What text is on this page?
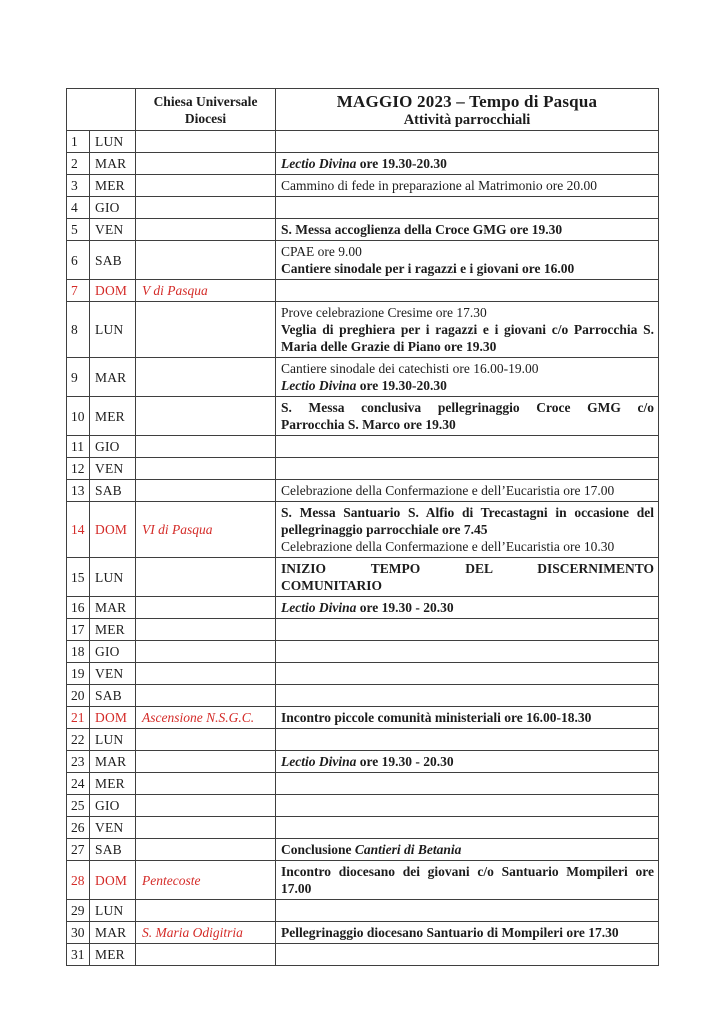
Chiesa Universale
Diocesi

MAGGIO 2023 – Tempo di Pasqua
Attività parrocchiali

1	LUN		
2	MAR		Lectio Divina ore 19.30-20.30

3	MER		Cammino di fede in preparazione al Matrimonio ore 20.00

4	GIO		
5	VEN		S. Messa accoglienza della Croce GMG ore 19.30

6	SAB		CPAE ore 9.00
Cantiere sinodale per i ragazzi e i giovani ore 16.00

7	DOM	V di Pasqua	
8	LUN		Prove celebrazione Cresime ore 17.30
Veglia di preghiera per i ragazzi e i giovani c/o Parrocchia S.
Maria delle Grazie di Piano ore 19.30

9	MAR		Cantiere sinodale dei catechisti ore 16.00-19.00
Lectio Divina ore 19.30-20.30

10	MER		S. Messa conclusiva pellegrinaggio Croce GMG c/o
Parrocchia S. Marco ore 19.30

11	GIO		
12	VEN		
13	SAB		Celebrazione della Confermazione e dell’Eucaristia ore 17.00

14	DOM	VI di Pasqua	S. Messa Santuario S. Alfio di Trecastagni in occasione del
pellegrinaggio parrocchiale ore 7.45
Celebrazione della Confermazione e dell’Eucaristia ore 10.30

15	LUN		INIZIO TEMPO DEL DISCERNIMENTO
COMUNITARIO

16	MAR		Lectio Divina ore 19.30 - 20.30

17	MER		
18	GIO		
19	VEN		
20	SAB		
21	DOM	Ascensione N.S.G.C.	Incontro piccole comunità ministeriali ore 16.00-18.30

22	LUN		
23	MAR		Lectio Divina ore 19.30 - 20.30

24	MER		
25	GIO		
26	VEN		
27	SAB		Conclusione Cantieri di Betania

28	DOM	Pentecoste	Incontro diocesano dei giovani c/o Santuario Mompileri ore
17.00

29	LUN		
30	MAR	S. Maria Odigitria	Pellegrinaggio diocesano Santuario di Mompileri ore 17.30

31	MER		
